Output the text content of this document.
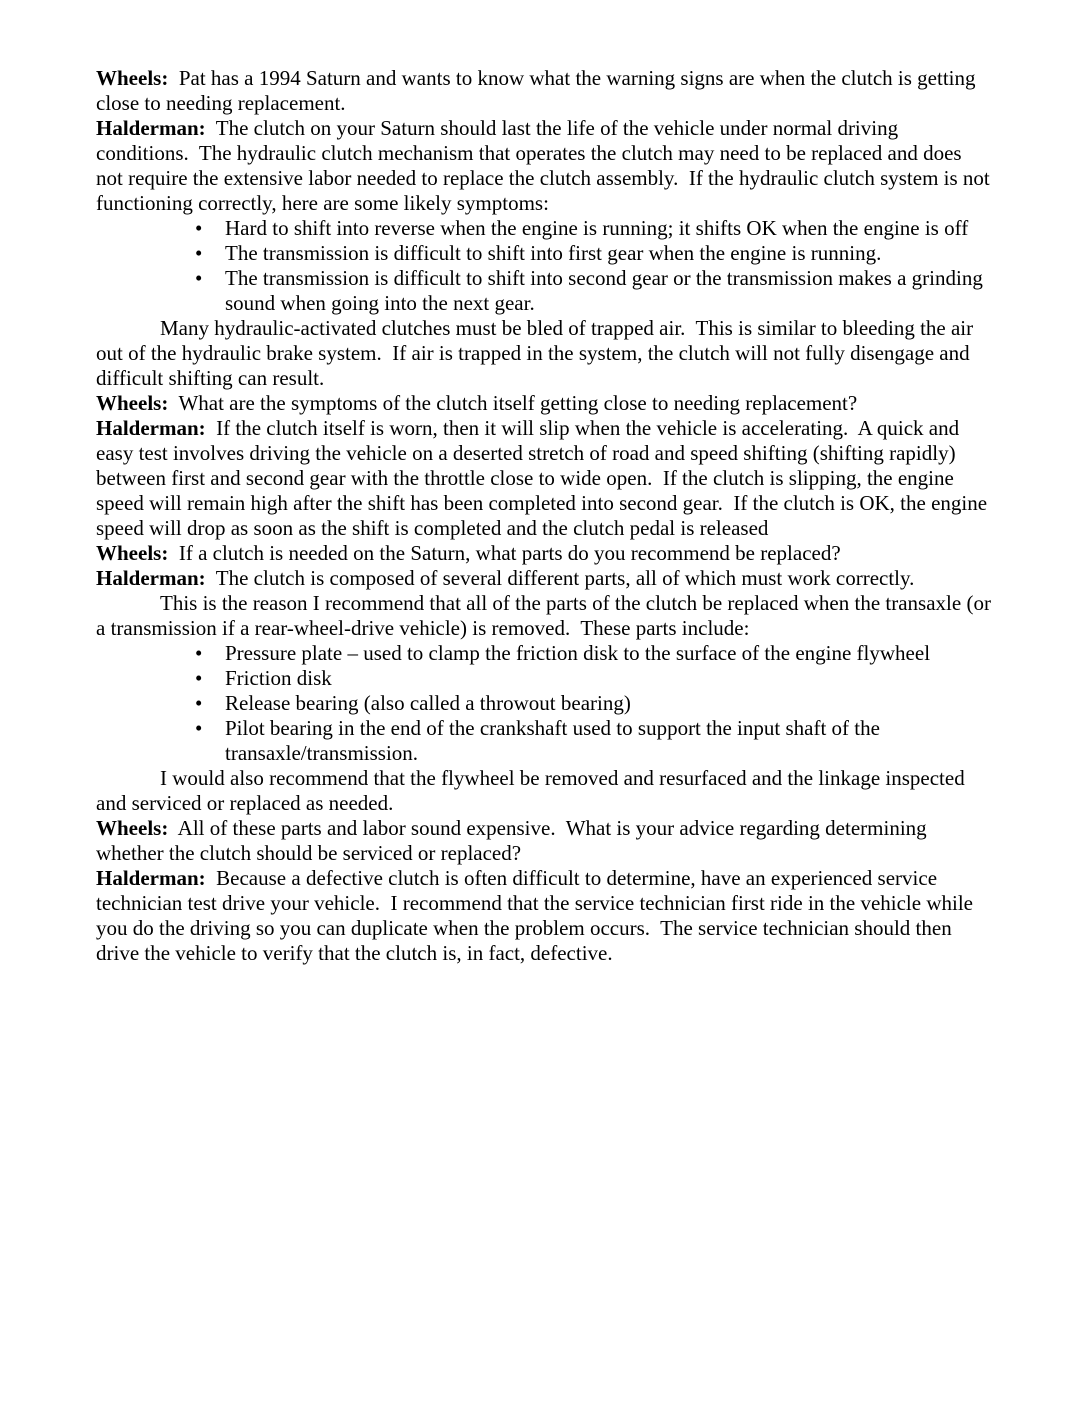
Wheels:  Pat has a 1994 Saturn and wants to know what the warning signs are when the clutch is getting close to needing replacement.

Halderman:  The clutch on your Saturn should last the life of the vehicle under normal driving conditions.  The hydraulic clutch mechanism that operates the clutch may need to be replaced and does not require the extensive labor needed to replace the clutch assembly.  If the hydraulic clutch system is not functioning correctly, here are some likely symptoms:

•	Hard to shift into reverse when the engine is running; it shifts OK when the engine is off
•	The transmission is difficult to shift into first gear when the engine is running.
•	The transmission is difficult to shift into second gear or the transmission makes a grinding sound when going into the next gear.

Many hydraulic-activated clutches must be bled of trapped air.  This is similar to bleeding the air out of the hydraulic brake system.  If air is trapped in the system, the clutch will not fully disengage and difficult shifting can result.

Wheels:  What are the symptoms of the clutch itself getting close to needing replacement?

Halderman:  If the clutch itself is worn, then it will slip when the vehicle is accelerating.  A quick and easy test involves driving the vehicle on a deserted stretch of road and speed shifting (shifting rapidly) between first and second gear with the throttle close to wide open.  If the clutch is slipping, the engine speed will remain high after the shift has been completed into second gear.  If the clutch is OK, the engine speed will drop as soon as the shift is completed and the clutch pedal is released

Wheels:  If a clutch is needed on the Saturn, what parts do you recommend be replaced?

Halderman:  The clutch is composed of several different parts, all of which must work correctly.

This is the reason I recommend that all of the parts of the clutch be replaced when the transaxle (or a transmission if a rear-wheel-drive vehicle) is removed.  These parts include:

•	Pressure plate – used to clamp the friction disk to the surface of the engine flywheel
•	Friction disk
•	Release bearing (also called a throwout bearing)
•	Pilot bearing in the end of the crankshaft used to support the input shaft of the transaxle/transmission.

I would also recommend that the flywheel be removed and resurfaced and the linkage inspected and serviced or replaced as needed.

Wheels:  All of these parts and labor sound expensive.  What is your advice regarding determining whether the clutch should be serviced or replaced?

Halderman:  Because a defective clutch is often difficult to determine, have an experienced service technician test drive your vehicle.  I recommend that the service technician first ride in the vehicle while you do the driving so you can duplicate when the problem occurs.  The service technician should then drive the vehicle to verify that the clutch is, in fact, defective.
